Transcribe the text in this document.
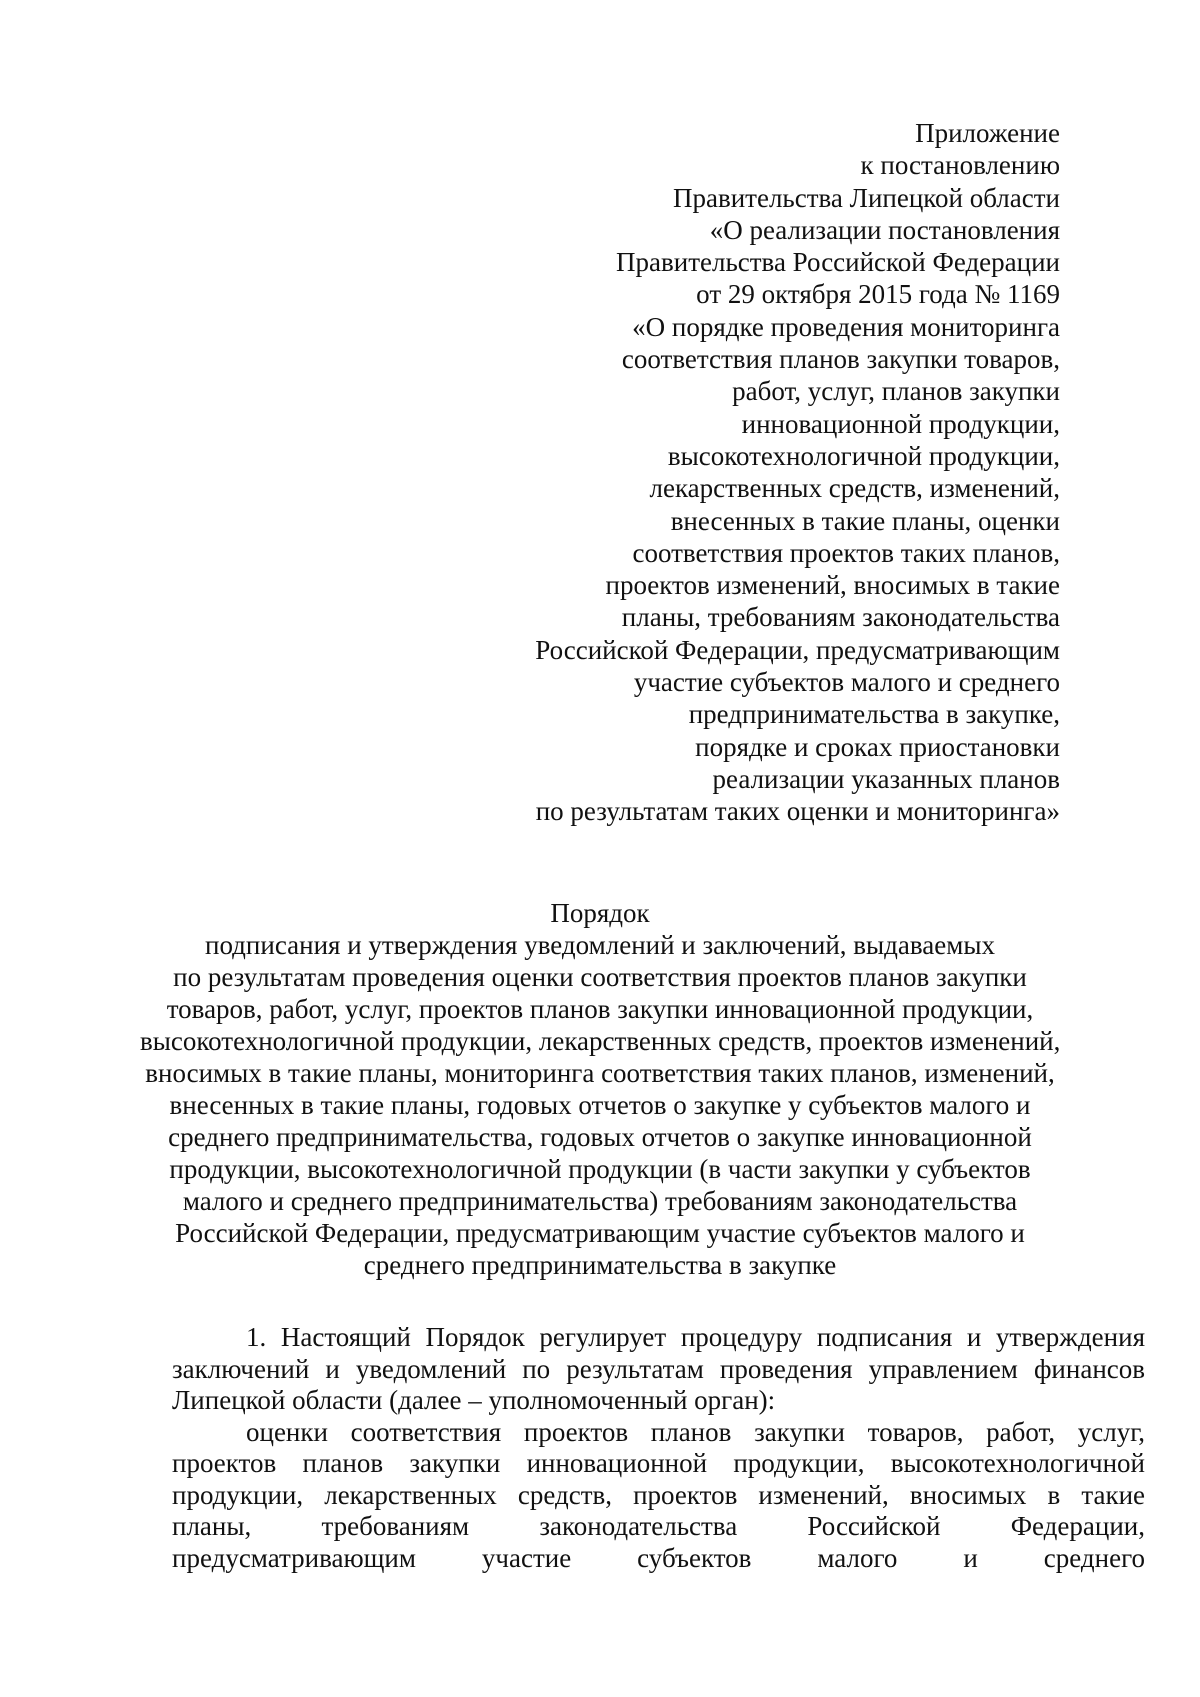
Приложение
к постановлению
Правительства Липецкой области
«О реализации постановления
Правительства Российской Федерации
от 29 октября 2015 года № 1169
«О порядке проведения мониторинга
соответствия планов закупки товаров,
работ, услуг, планов закупки
инновационной продукции,
высокотехнологичной продукции,
лекарственных средств, изменений,
внесенных в такие планы, оценки
соответствия проектов таких планов,
проектов изменений, вносимых в такие
планы, требованиям законодательства
Российской Федерации, предусматривающим
участие субъектов малого и среднего
предпринимательства в закупке,
порядке и сроках приостановки
реализации указанных планов
по результатам таких оценки и мониторинга»
Порядок
подписания и утверждения уведомлений и заключений, выдаваемых
по результатам проведения оценки соответствия проектов планов закупки
товаров, работ, услуг, проектов планов закупки инновационной продукции,
высокотехнологичной продукции, лекарственных средств, проектов изменений,
вносимых в такие планы, мониторинга соответствия таких планов, изменений,
внесенных в такие планы, годовых отчетов о закупке у субъектов малого и
среднего предпринимательства, годовых отчетов о закупке инновационной
продукции, высокотехнологичной продукции (в части закупки у субъектов
малого и среднего предпринимательства) требованиям законодательства
Российской Федерации, предусматривающим участие субъектов малого и
среднего предпринимательства в закупке
1. Настоящий Порядок регулирует процедуру подписания и утверждения
заключений и уведомлений по результатам проведения управлением финансов
Липецкой области (далее – уполномоченный орган):
оценки соответствия проектов планов закупки товаров, работ, услуг,
проектов планов закупки инновационной продукции, высокотехнологичной
продукции, лекарственных средств, проектов изменений, вносимых в такие
планы, требованиям законодательства Российской Федерации,
предусматривающим участие субъектов малого и среднего
